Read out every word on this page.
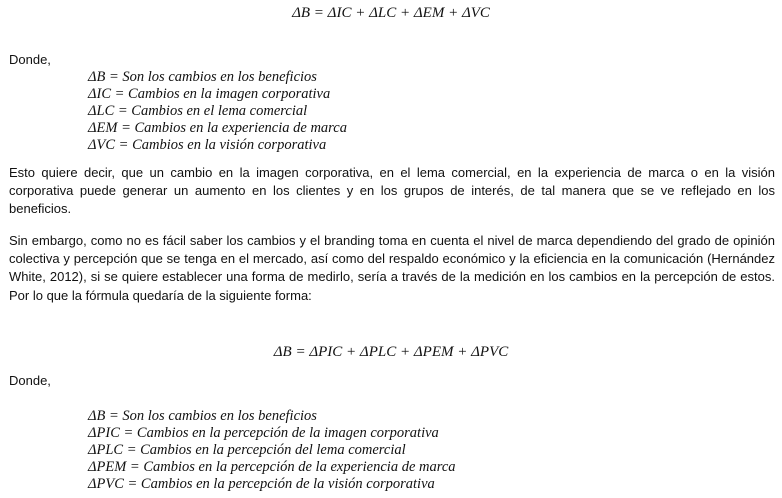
ΔB = ΔIC + ΔLC + ΔEM + ΔVC
Donde,
ΔB = Son los cambios en los beneficios
ΔIC = Cambios en la imagen corporativa
ΔLC = Cambios en el lema comercial
ΔEM = Cambios en la experiencia de marca
ΔVC = Cambios en la visión corporativa
Esto quiere decir, que un cambio en la imagen corporativa, en el lema comercial, en la experiencia de marca o en la visión corporativa puede generar un aumento en los clientes y en los grupos de interés, de tal manera que se ve reflejado en los beneficios.
Sin embargo, como no es fácil saber los cambios y el branding toma en cuenta el nivel de marca dependiendo del grado de opinión colectiva y percepción que se tenga en el mercado, así como del respaldo económico y la eficiencia en la comunicación (Hernández White, 2012), si se quiere establecer una forma de medirlo, sería a través de la medición en los cambios en la percepción de estos. Por lo que la fórmula quedaría de la siguiente forma:
ΔB = ΔPIC + ΔPLC + ΔPEM + ΔPVC
Donde,
ΔB = Son los cambios en los beneficios
ΔPIC = Cambios en la percepción de la imagen corporativa
ΔPLC = Cambios en la percepción del lema comercial
ΔPEM = Cambios en la percepción de la experiencia de marca
ΔPVC = Cambios en la percepción de la visión corporativa
